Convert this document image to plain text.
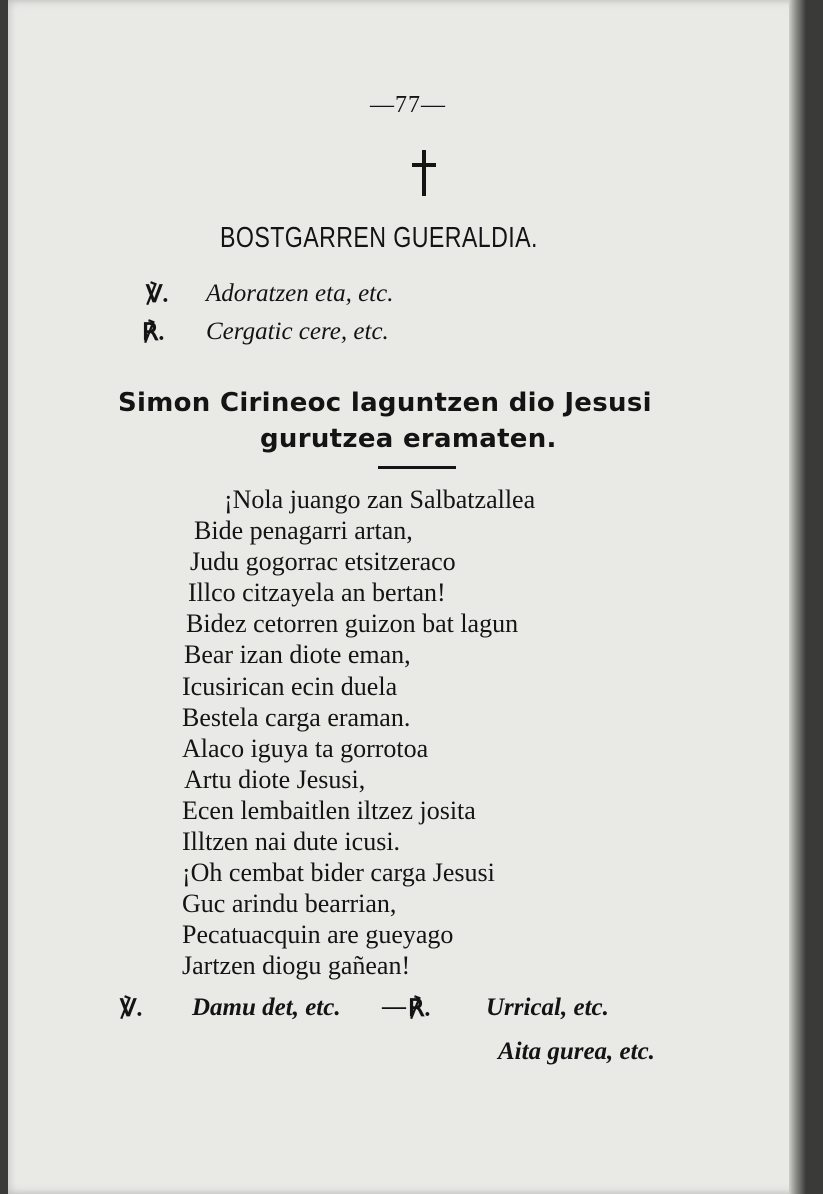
—77—
BOSTGARREN GUERALDIA.
℣. Adoratzen eta, etc.
℟. Cergatic cere, etc.
Simon Cirineoc laguntzen dio Jesusi
gurutzea eramaten.
¡Nola juango zan Salbatzallea
Bide penagarri artan,
Judu gogorrac etsitzeraco
Illco citzayela an bertan!
Bidez cetorren guizon bat lagun
Bear izan diote eman,
Icusirican ecin duela
Bestela carga eraman.
Alaco iguya ta gorrotoa
Artu diote Jesusi,
Ecen lembaitlen iltzez josita
Illtzen nai dute icusi.
¡Oh cembat bider carga Jesusi
Guc arindu bearrian,
Pecatuacquin are gueyago
Jartzen diogu gañean!
℣. Damu det, etc. — ℟. Urrical, etc.
Aita gurea, etc.
